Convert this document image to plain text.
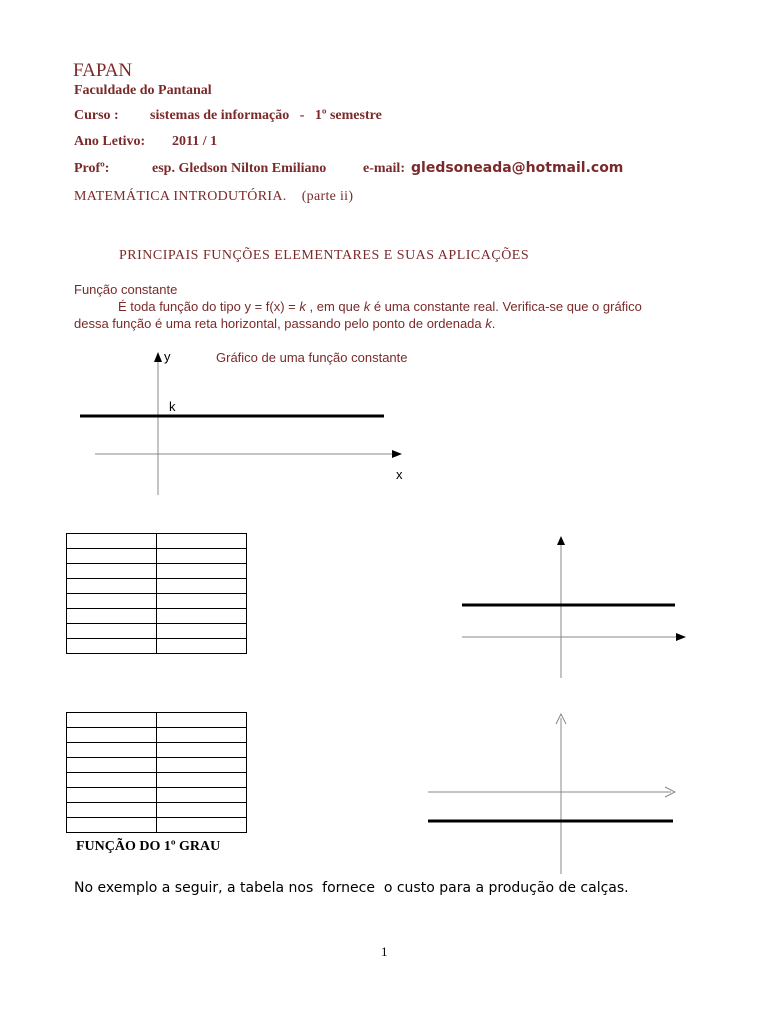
FAPAN
Faculdade do Pantanal
Curso : sistemas de informação   -   1º semestre
Ano Letivo: 2011 / 1
Profº:	esp. Gledson Nilton Emiliano	e-mail: gledsoneada@hotmail.com
MATEMÁTICA INTRODUTÓRIA.    (parte ii)
PRINCIPAIS FUNÇÕES ELEMENTARES E SUAS APLICAÇÕES
Função constante
É toda função do tipo y = f(x) = k , em que k é uma constante real. Verifica-se que o gráfico
dessa função é uma reta horizontal, passando pelo ponto de ordenada k.
Gráfico de uma função constante
y
x
k

FUNÇÃO DO 1º GRAU
No exemplo a seguir, a tabela nos  fornece  o custo para a produção de calças.
1
